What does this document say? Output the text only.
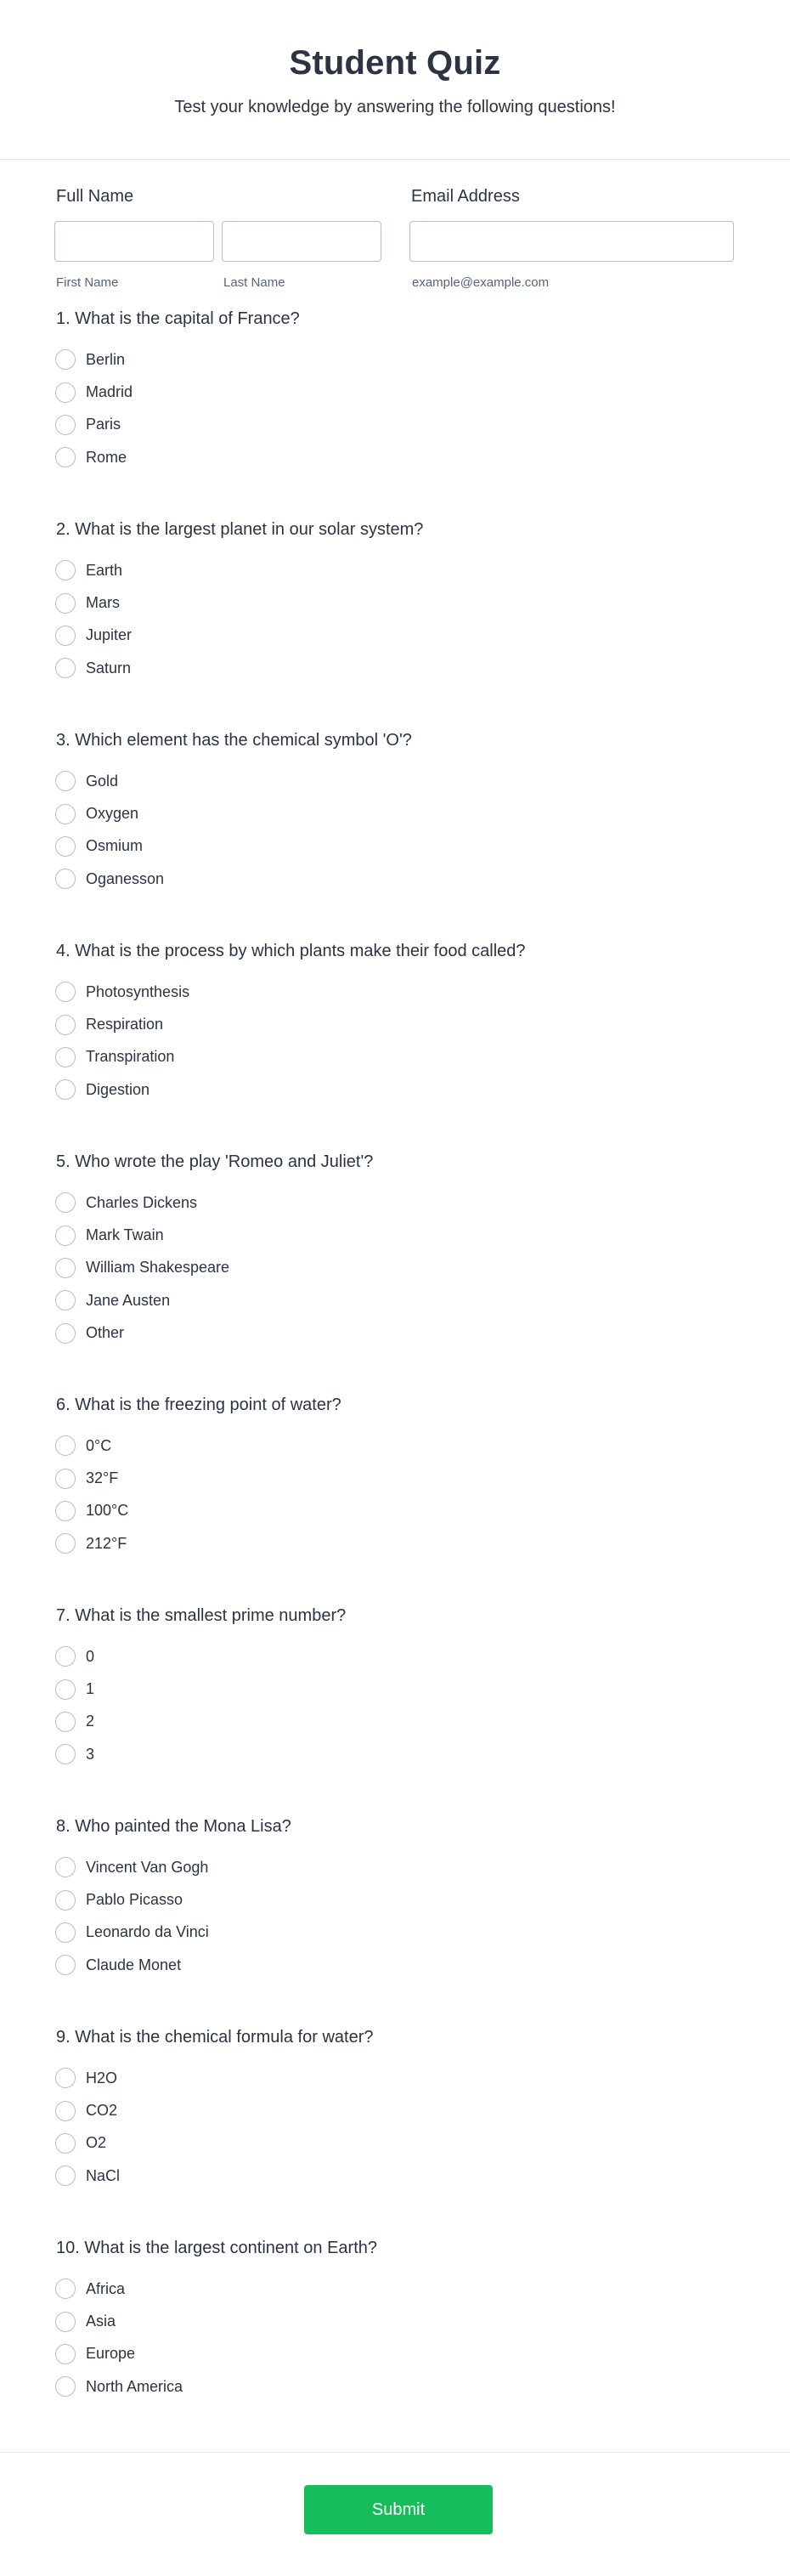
Student Quiz

Test your knowledge by answering the following questions!

Full Name
First Name	Last Name
Email Address
example@example.com
1. What is the capital of France?
Berlin
Madrid
Paris
Rome
2. What is the largest planet in our solar system?
Earth
Mars
Jupiter
Saturn
3. Which element has the chemical symbol 'O'?
Gold
Oxygen
Osmium
Oganesson
4. What is the process by which plants make their food called?
Photosynthesis
Respiration
Transpiration
Digestion
5. Who wrote the play 'Romeo and Juliet'?
Charles Dickens
Mark Twain
William Shakespeare
Jane Austen
Other
6. What is the freezing point of water?
0°C
32°F
100°C
212°F
7. What is the smallest prime number?
0
1
2
3
8. Who painted the Mona Lisa?
Vincent Van Gogh
Pablo Picasso
Leonardo da Vinci
Claude Monet
9. What is the chemical formula for water?
H2O
CO2
O2
NaCl
10. What is the largest continent on Earth?
Africa
Asia
Europe
North America
Submit
